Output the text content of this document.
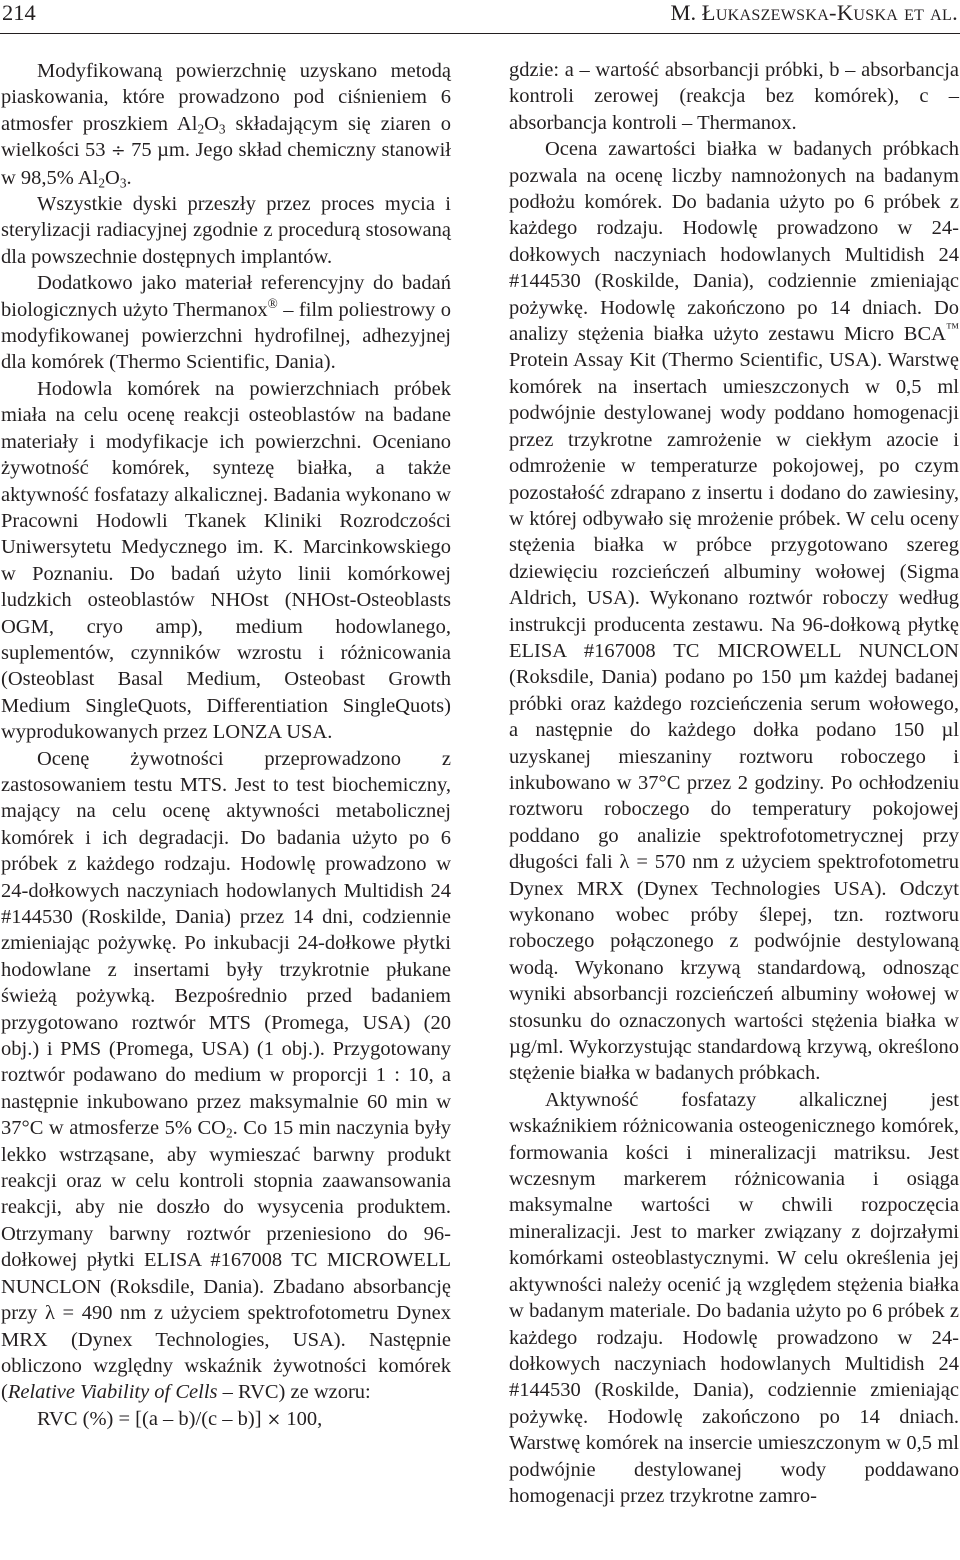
214	M. Łukaszewska-Kuska et al.

Modyfikowaną powierzchnię uzyskano metodą piaskowania, które prowadzono pod ciśnieniem 6 atmosfer proszkiem $Al_2O_3$ składającym się ziaren o wielkości 53 ÷ 75 µm. Jego skład chemiczny stanowił w 98,5% $Al_2O_3$.

Wszystkie dyski przeszły przez proces mycia i sterylizacji radiacyjnej zgodnie z procedurą stosowaną dla powszechnie dostępnych implantów.

Dodatkowo jako materiał referencyjny do badań biologicznych użyto Thermanox® – film poliestrowy o modyfikowanej powierzchni hydrofilnej, adhezyjnej dla komórek (Thermo Scientific, Dania).

Hodowla komórek na powierzchniach próbek miała na celu ocenę reakcji osteoblastów na badane materiały i modyfikacje ich powierzchni. Oceniano żywotność komórek, syntezę białka, a także aktywność fosfatazy alkalicznej. Badania wykonano w Pracowni Hodowli Tkanek Kliniki Rozrodczości Uniwersytetu Medycznego im. K. Marcinkowskiego w Poznaniu. Do badań użyto linii komórkowej ludzkich osteoblastów NHOst (NHOst-Osteoblasts OGM, cryo amp), medium hodowlanego, suplementów, czynników wzrostu i różnicowania (Osteoblast Basal Medium, Osteobast Growth Medium SingleQuots, Differentiation SingleQuots) wyprodukowanych przez LONZA USA.

Ocenę żywotności przeprowadzono z zastosowaniem testu MTS. Jest to test biochemiczny, mający na celu ocenę aktywności metabolicznej komórek i ich degradacji. Do badania użyto po 6 próbek z każdego rodzaju. Hodowlę prowadzono w 24-dołkowych naczyniach hodowlanych Multidish 24 #144530 (Roskilde, Dania) przez 14 dni, codziennie zmieniając pożywkę. Po inkubacji 24-dołkowe płytki hodowlane z insertami były trzykrotnie płukane świeżą pożywką. Bezpośrednio przed badaniem przygotowano roztwór MTS (Promega, USA) (20 obj.) i PMS (Promega, USA) (1 obj.). Przygotowany roztwór podawano do medium w proporcji 1 : 10, a następnie inkubowano przez maksymalnie 60 min w 37°C w atmosferze 5% $CO_2$. Co 15 min naczynia były lekko wstrząsane, aby wymieszać barwny produkt reakcji oraz w celu kontroli stopnia zaawansowania reakcji, aby nie doszło do wysycenia produktem. Otrzymany barwny roztwór przeniesiono do 96-dołkowej płytki ELISA #167008 TC MICROWELL NUNCLON (Roksdile, Dania). Zbadano absorbancję przy λ = 490 nm z użyciem spektrofotometru Dynex MRX (Dynex Technologies, USA). Następnie obliczono względny wskaźnik żywotności komórek (Relative Viability of Cells – RVC) ze wzoru:

RVC (%) = [(a – b)/(c – b)] × 100,

gdzie: a – wartość absorbancji próbki, b – absorbancja kontroli zerowej (reakcja bez komórek), c – absorbancja kontroli – Thermanox.

Ocena zawartości białka w badanych próbkach pozwala na ocenę liczby namnożonych na badanym podłożu komórek. Do badania użyto po 6 próbek z każdego rodzaju. Hodowlę prowadzono w 24-dołkowych naczyniach hodowlanych Multidish 24 #144530 (Roskilde, Dania), codziennie zmieniając pożywkę. Hodowlę zakończono po 14 dniach. Do analizy stężenia białka użyto zestawu Micro BCA™ Protein Assay Kit (Thermo Scientific, USA). Warstwę komórek na insertach umieszczonych w 0,5 ml podwójnie destylowanej wody poddano homogenacji przez trzykrotne zamrożenie w ciekłym azocie i odmrożenie w temperaturze pokojowej, po czym pozostałość zdrapano z insertu i dodano do zawiesiny, w której odbywało się mrożenie próbek. W celu oceny stężenia białka w próbce przygotowano szereg dziewięciu rozcieńczeń albuminy wołowej (Sigma Aldrich, USA). Wykonano roztwór roboczy według instrukcji producenta zestawu. Na 96-dołkową płytkę ELISA #167008 TC MICROWELL NUNCLON (Roksdile, Dania) podano po 150 µm każdej badanej próbki oraz każdego rozcieńczenia serum wołowego, a następnie do każdego dołka podano 150 µl uzyskanej mieszaniny roztworu roboczego i inkubowano w 37°C przez 2 godziny. Po ochłodzeniu roztworu roboczego do temperatury pokojowej poddano go analizie spektrofotometrycznej przy długości fali λ = 570 nm z użyciem spektrofotometru Dynex MRX (Dynex Technologies USA). Odczyt wykonano wobec próby ślepej, tzn. roztworu roboczego połączonego z podwójnie destylowaną wodą. Wykonano krzywą standardową, odnosząc wyniki absorbancji rozcieńczeń albuminy wołowej w stosunku do oznaczonych wartości stężenia białka w µg/ml. Wykorzystując standardową krzywą, określono stężenie białka w badanych próbkach.

Aktywność fosfatazy alkalicznej jest wskaźnikiem różnicowania osteogenicznego komórek, formowania kości i mineralizacji matriksu. Jest wczesnym markerem różnicowania i osiąga maksymalne wartości w chwili rozpoczęcia mineralizacji. Jest to marker związany z dojrzałymi komórkami osteoblastycznymi. W celu określenia jej aktywności należy ocenić ją względem stężenia białka w badanym materiale. Do badania użyto po 6 próbek z każdego rodzaju. Hodowlę prowadzono w 24-dołkowych naczyniach hodowlanych Multidish 24 #144530 (Roskilde, Dania), codziennie zmieniając pożywkę. Hodowlę zakończono po 14 dniach. Warstwę komórek na insercie umieszczonym w 0,5 ml podwójnie destylowanej wody poddawano homogenacji przez trzykrotne zamro-
